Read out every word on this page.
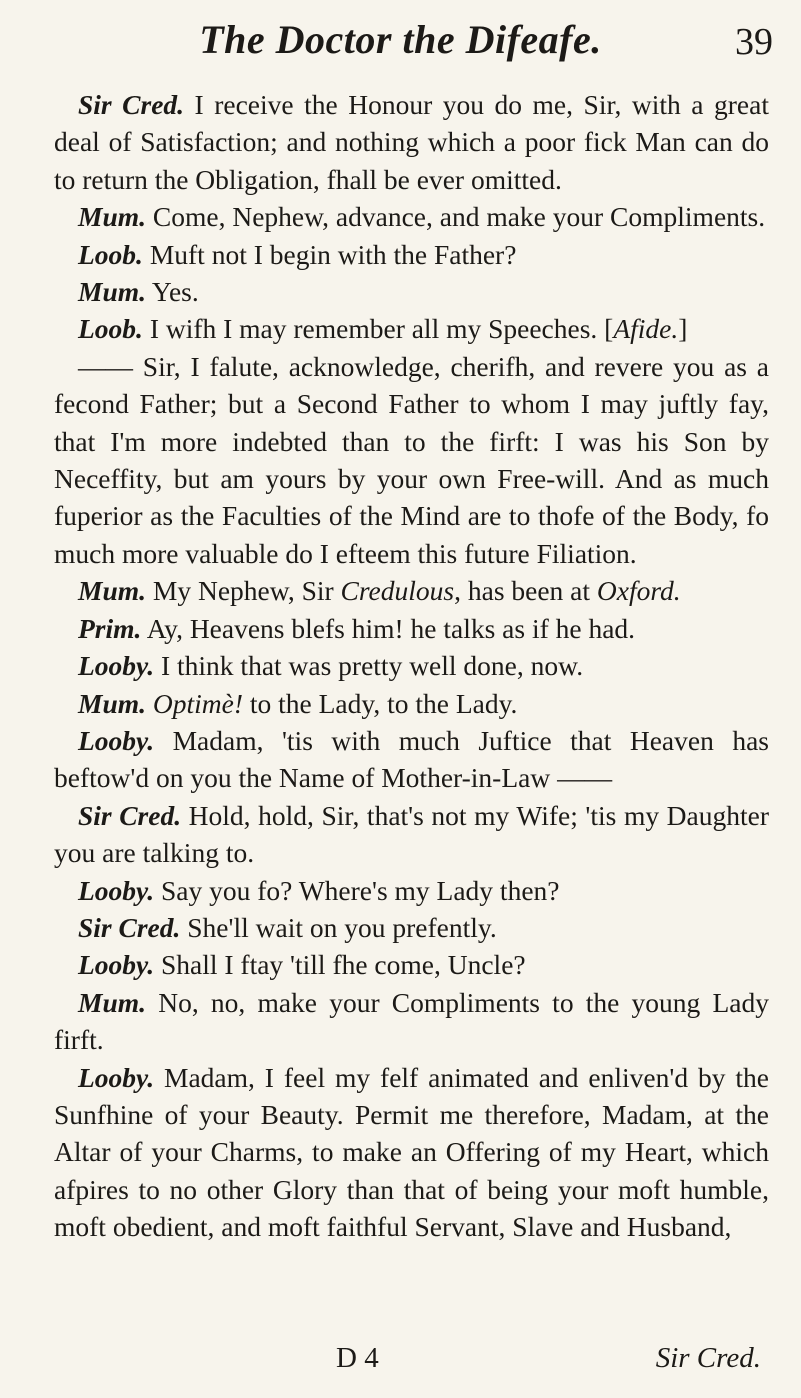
The Doctor the Difeafe.	39

Sir Cred. I receive the Honour you do me, Sir, with a great deal of Satisfaction; and nothing which a poor fick Man can do to return the Obligation, fhall be ever omitted.

Mum. Come, Nephew, advance, and make your Compliments.

Loob. Muft not I begin with the Father?

Mum. Yes.

Loob. I wifh I may remember all my Speeches. [Afide.]

—— Sir, I falute, acknowledge, cherifh, and revere you as a fecond Father; but a Second Father to whom I may juftly fay, that I'm more indebted than to the firft: I was his Son by Neceffity, but am yours by your own Free-will. And as much fuperior as the Faculties of the Mind are to thofe of the Body, fo much more valuable do I efteem this future Filiation.

Mum. My Nephew, Sir Credulous, has been at Oxford.

Prim. Ay, Heavens blefs him! he talks as if he had.

Looby. I think that was pretty well done, now.

Mum. Optimè! to the Lady, to the Lady.

Looby. Madam, 'tis with much Juftice that Heaven has beftow'd on you the Name of Mother-in-Law ——

Sir Cred. Hold, hold, Sir, that's not my Wife; 'tis my Daughter you are talking to.

Looby. Say you fo? Where's my Lady then?

Sir Cred. She'll wait on you prefently.

Looby. Shall I ftay 'till fhe come, Uncle?

Mum. No, no, make your Compliments to the young Lady firft.

Looby. Madam, I feel my felf animated and enliven'd by the Sunfhine of your Beauty. Permit me therefore, Madam, at the Altar of your Charms, to make an Offering of my Heart, which afpires to no other Glory than that of being your moft humble, moft obedient, and moft faithful Servant, Slave and Husband,

D 4	Sir Cred.
